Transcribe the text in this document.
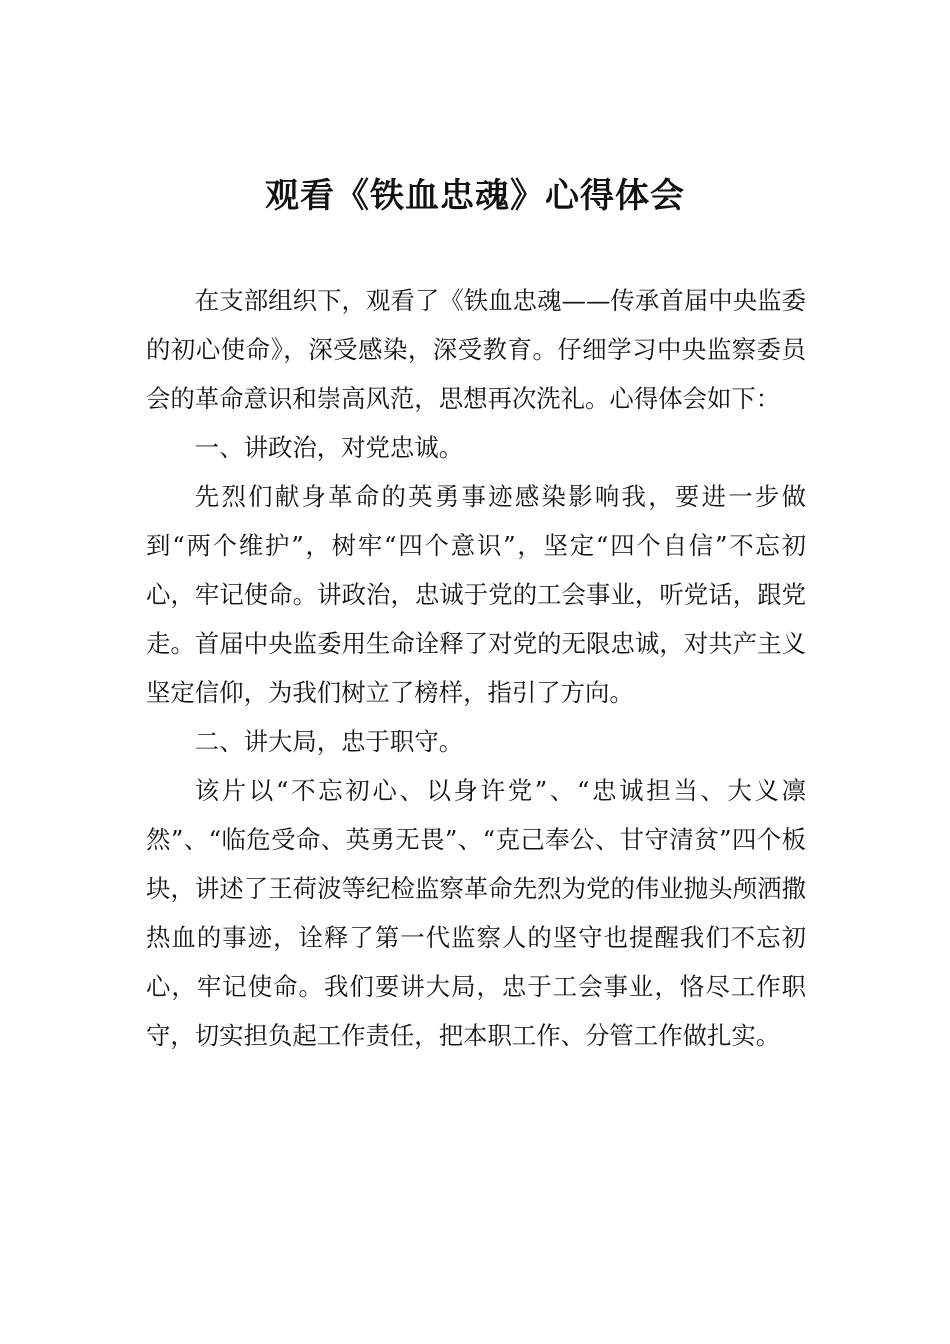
观看《铁血忠魂》心得体会

在支部组织下，观看了《铁血忠魂——传承首届中央监委的初心使命》，深受感染，深受教育。仔细学习中央监察委员会的革命意识和崇高风范，思想再次洗礼。心得体会如下：

一、讲政治，对党忠诚。

先烈们献身革命的英勇事迹感染影响我，要进一步做到“两个维护”，树牢“四个意识”，坚定“四个自信”不忘初心，牢记使命。讲政治，忠诚于党的工会事业，听党话，跟党走。首届中央监委用生命诠释了对党的无限忠诚，对共产主义坚定信仰，为我们树立了榜样，指引了方向。

二、讲大局，忠于职守。

该片以“不忘初心、以身许党”、“忠诚担当、大义凛然”、“临危受命、英勇无畏”、“克己奉公、甘守清贫”四个板块，讲述了王荷波等纪检监察革命先烈为党的伟业抛头颅洒撒热血的事迹，诠释了第一代监察人的坚守也提醒我们不忘初心，牢记使命。我们要讲大局，忠于工会事业，恪尽工作职守，切实担负起工作责任，把本职工作、分管工作做扎实。
